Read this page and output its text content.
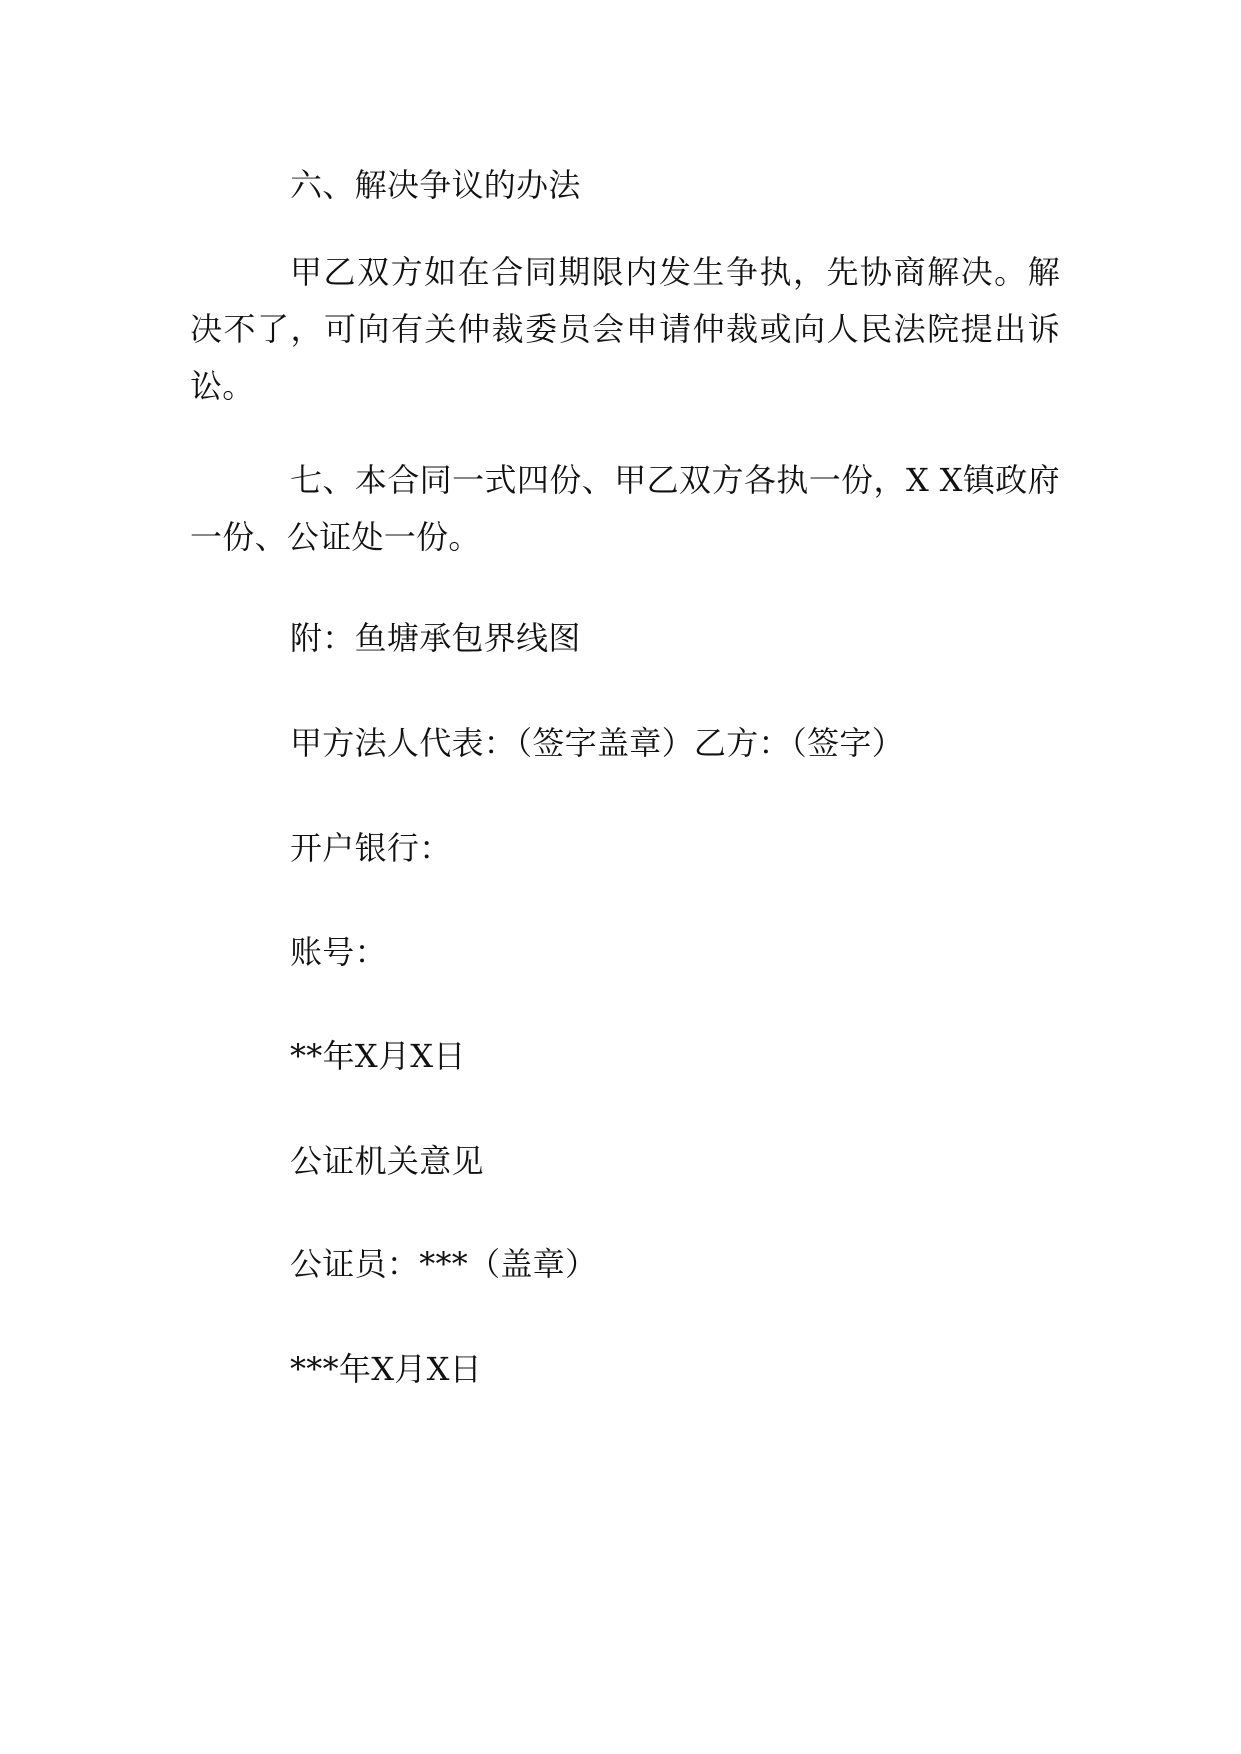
六、解决争议的办法
甲乙双方如在合同期限内发生争执，先协商解决。解决不了，可向有关仲裁委员会申请仲裁或向人民法院提出诉讼。
七、本合同一式四份、甲乙双方各执一份，X X镇政府一份、公证处一份。
附：鱼塘承包界线图
甲方法人代表：（签字盖章）乙方：（签字）
开户银行：
账号：
**年X月X日
公证机关意见
公证员：***（盖章）
***年X月X日
